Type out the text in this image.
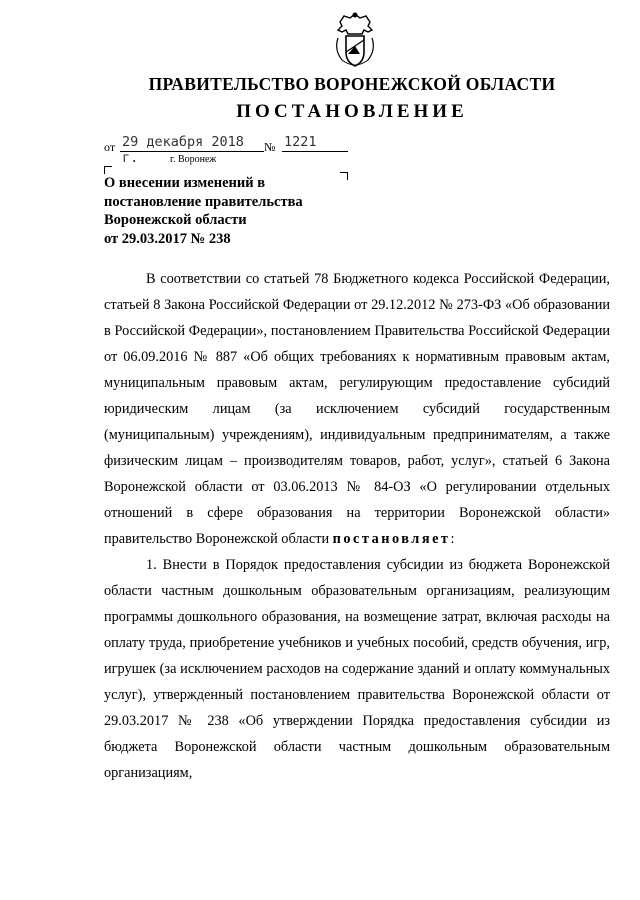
ПРАВИТЕЛЬСТВО ВОРОНЕЖСКОЙ ОБЛАСТИ
ПОСТАНОВЛЕНИЕ
от 29 декабря 2018 г.
№ 1221
г. Воронеж
О внесении изменений в
постановление правительства
Воронежской области
от 29.03.2017 № 238

В соответствии со статьей 78 Бюджетного кодекса Российской Федерации, статьей 8 Закона Российской Федерации от 29.12.2012 № 273-ФЗ «Об образовании в Российской Федерации», постановлением Правительства Российской Федерации от 06.09.2016 № 887 «Об общих требованиях к нормативным правовым актам, муниципальным правовым актам, регулирующим предоставление субсидий юридическим лицам (за исключением субсидий государственным (муниципальным) учреждениям), индивидуальным предпринимателям, а также физическим лицам – производителям товаров, работ, услуг», статьей 6 Закона Воронежской области от 03.06.2013 № 84-ОЗ «О регулировании отдельных отношений в сфере образования на территории Воронежской области» правительство Воронежской области постановляет:

1. Внести в Порядок предоставления субсидии из бюджета Воронежской области частным дошкольным образовательным организациям, реализующим программы дошкольного образования, на возмещение затрат, включая расходы на оплату труда, приобретение учебников и учебных пособий, средств обучения, игр, игрушек (за исключением расходов на содержание зданий и оплату коммунальных услуг), утвержденный постановлением правительства Воронежской области от 29.03.2017 № 238 «Об утверждении Порядка предоставления субсидии из бюджета Воронежской области частным дошкольным образовательным организациям,
